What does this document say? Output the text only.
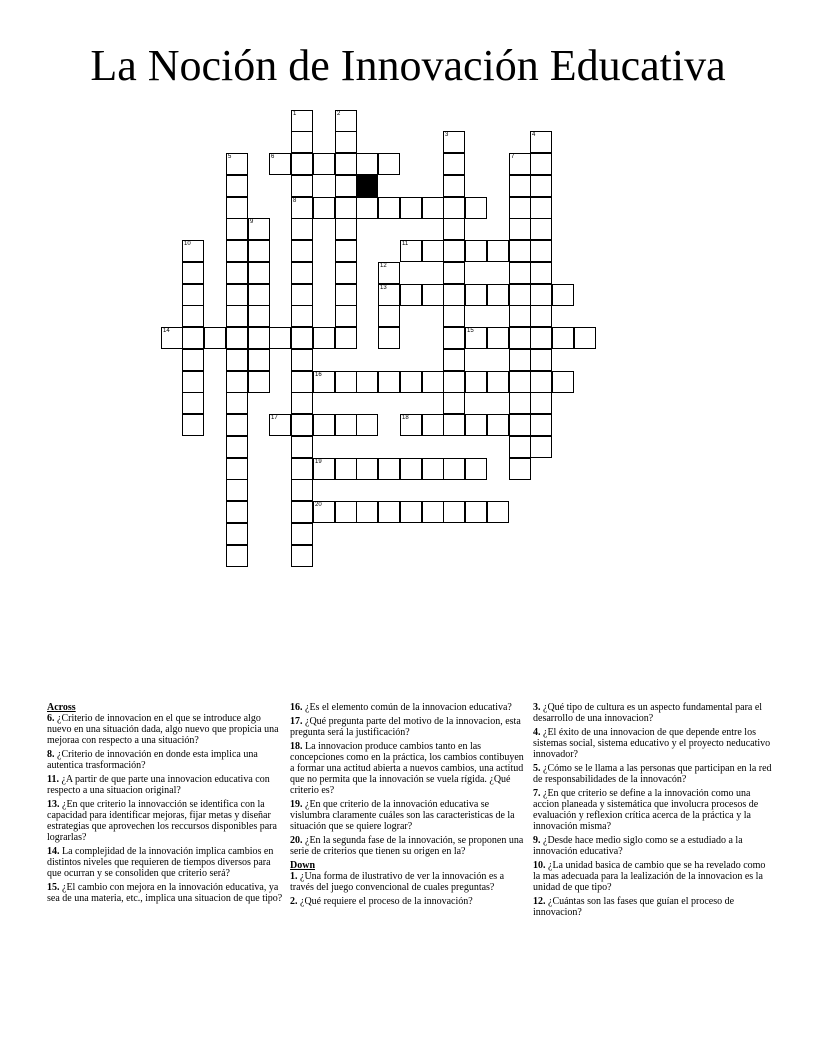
La Noción de Innovación Educativa
1	2
3	4
5	6	7
8
9
10	11
12
13
14	15
16
17	18
19
20
Across
6. ¿Criterio de innovacion en el que se introduce algo nuevo en una situación dada, algo nuevo que propicia una mejoraa con respecto a una situación?
8. ¿Criterio de innovación en donde esta implica una autentica trasformación?
11. ¿A partir de que parte una innovacion educativa con respecto a una situacion original?
13. ¿En que criterio la innovacción se identifica con la capacidad para identificar mejoras, fijar metas y diseñar estrategias que aprovechen los reccursos disponibles para lograrlas?
14. La complejidad de la innovación implica cambios en distintos niveles que requieren de tiempos diversos para que ocurran y se consoliden que criterio será?
15. ¿El cambio con mejora en la innovación educativa, ya sea de una materia, etc., implica una situacion de que tipo?
16. ¿Es el elemento común de la innovacion educativa?
17. ¿Qué pregunta parte del motivo de la innovacion, esta pregunta será la justificación?
18. La innovacion produce cambios tanto en las concepciones como en la práctica, los cambios contibuyen a formar una actitud abierta a nuevos cambios, una actitud que no permita que la innovación se vuela rígida. ¿Qué criterio es?
19. ¿En que criterio de la innovación educativa se vislumbra claramente cuáles son las caracteristicas de la situación que se quiere lograr?
20. ¿En la segunda fase de la innovación, se proponen una serie de criterios que tienen su origen en la?
Down
1. ¿Una forma de ilustrativo de ver la innovación es a través del juego convencional de cuales preguntas?
2. ¿Qué requiere el proceso de la innovación?
3. ¿Qué tipo de cultura es un aspecto fundamental para el desarrollo de una innovacion?
4. ¿El éxito de una innovacion de que depende entre los sistemas social, sistema educativo y el proyecto neducativo innovador?
5. ¿Cómo se le llama a las personas que participan en la red de responsabilidades de la innovacón?
7. ¿En que criterio se define a la innovación como una accion planeada y sistemática que involucra procesos de evaluación y reflexion crítica acerca de la práctica y la innovación misma?
9. ¿Desde hace medio siglo como se a estudiado a la innovación educativa?
10. ¿La unidad basica de cambio que se ha revelado como la mas adecuada para la lealización de la innovacion es la unidad de que tipo?
12. ¿Cuántas son las fases que guían el proceso de innovacion?
